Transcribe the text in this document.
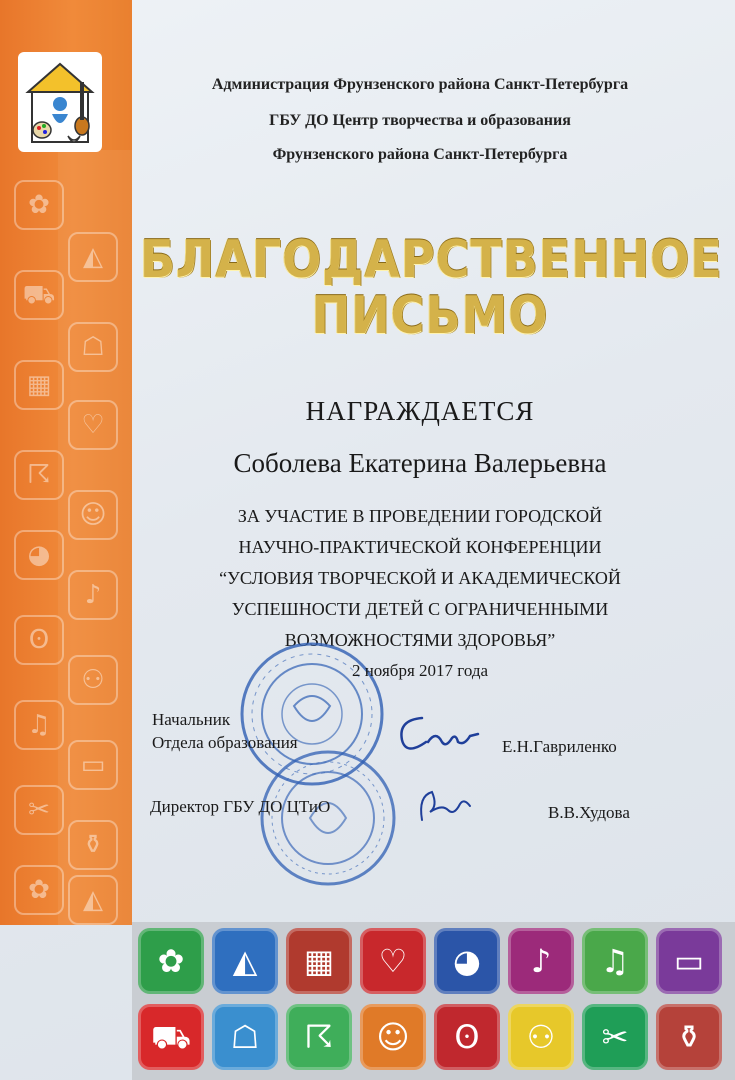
✿
◭
⛟
☖
▦
♡
☈
☺
◕
♪
ʘ
⚇
♫
▭
✂
⚱
✿	◭
Администрация Фрунзенского района Санкт-Петербурга
ГБУ ДО Центр творчества и образования
Фрунзенского района Санкт-Петербурга
БЛАГОДАРСТВЕННОЕ
ПИСЬМО
НАГРАЖДАЕТСЯ
Соболева Екатерина Валерьевна
ЗА УЧАСТИЕ В ПРОВЕДЕНИИ ГОРОДСКОЙ
НАУЧНО-ПРАКТИЧЕСКОЙ КОНФЕРЕНЦИИ
“УСЛОВИЯ ТВОРЧЕСКОЙ И АКАДЕМИЧЕСКОЙ
УСПЕШНОСТИ ДЕТЕЙ С ОГРАНИЧЕННЫМИ
ВОЗМОЖНОСТЯМИ ЗДОРОВЬЯ”
2 ноября 2017 года
Начальник
Отдела образования	Е.Н.Гавриленко
Директор ГБУ ДО ЦТиО	В.В.Худова
✿	◭	▦	♡	◕	♪	♫	▭
⛟	☖	☈	☺	ʘ	⚇	✂	⚱
